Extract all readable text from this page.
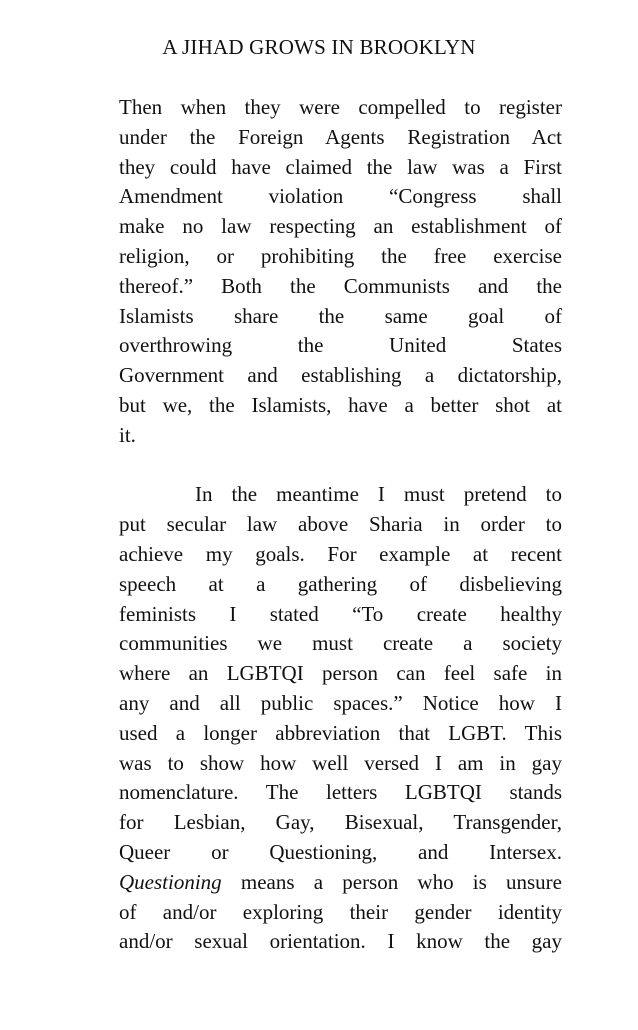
A JIHAD GROWS IN BROOKLYN
Then when they were compelled to register
under the Foreign Agents Registration Act
they could have claimed the law was a First
Amendment violation “Congress shall
make no law respecting an establishment of
religion, or prohibiting the free exercise
thereof.” Both the Communists and the
Islamists share the same goal of
overthrowing the United States
Government and establishing a dictatorship,
but we, the Islamists, have a better shot at
it.
In the meantime I must pretend to
put secular law above Sharia in order to
achieve my goals. For example at recent
speech at a gathering of disbelieving
feminists I stated “To create healthy
communities we must create a society
where an LGBTQI person can feel safe in
any and all public spaces.” Notice how I
used a longer abbreviation that LGBT. This
was to show how well versed I am in gay
nomenclature. The letters LGBTQI stands
for Lesbian, Gay, Bisexual, Transgender,
Queer or Questioning, and Intersex.
Questioning means a person who is unsure
of and/or exploring their gender identity
and/or sexual orientation. I know the gay
